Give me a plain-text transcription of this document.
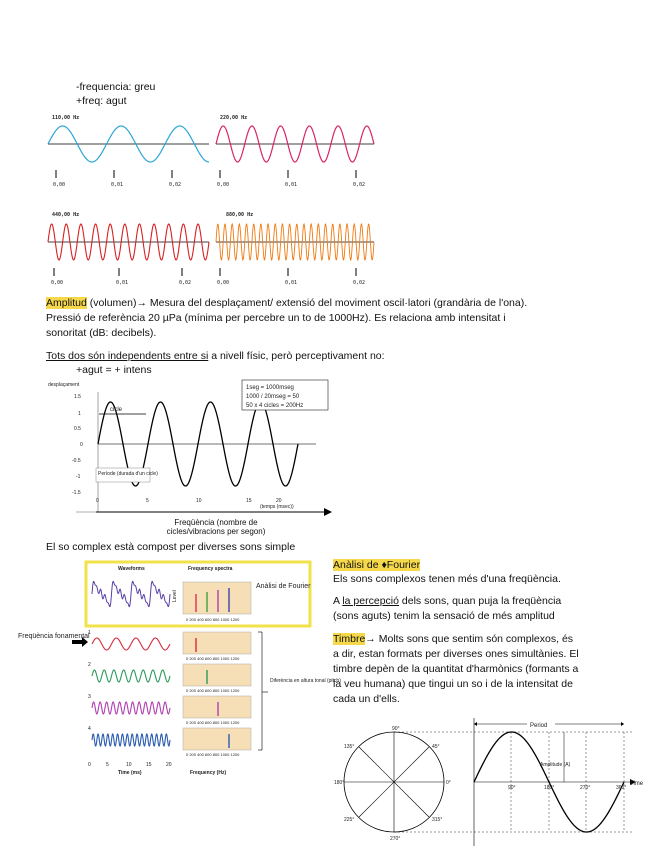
-frequencia: greu
+freq: agut
110,00 Hz
0,00	0,01	0,02
220,00 Hz
0,00	0,01	0,02
440,00 Hz
0,00	0,01	0,02
880,00 Hz
0,00	0,01	0,02
Amplitud (volumen)→ Mesura del desplaçament/ extensió del moviment oscil·latori (grandària de l'ona).
Pressió de referència 20 µPa (mínima per percebre un to de 1000Hz). Es relaciona amb intensitat i
sonoritat (dB: decibels).
Tots dos són independents entre si a nivell físic, però perceptivament no:
+agut = + intens
desplaçament
1.5
1
0.5
0
-0.5
-1
-1.5
cicle
Període (durada d'un cicle)
1seg = 1000mseg
1000 / 20mseg = 50
50 x 4 cicles = 200Hz
0	5	10	15	20
(temps (msec))
Freqüència (nombre de
cicles/vibracions per segon)
El so complex està compost per diverses sons simple
Waveforms	Frequency spectra
Level
0 200 400 600 800 1000 1200
Anàlisi de Fourier
Freqüència fonamental
1
0 200 400 600 800 1000 1200
2
0 200 400 600 800 1000 1200
3
0 200 400 600 800 1000 1200
4
0 200 400 600 800 1000 1200
Diferència en altura tonal (pitch)
0	5	10	15	20
Time (ms)	Frequency (Hz)
Anàlisi de ♦Fourier
Els sons complexos tenen més d'una freqüència.
A la percepció dels sons, quan puja la freqüència
(sons aguts) tenim la sensació de més amplitud
Timbre→ Molts sons que sentim són complexos, és
a dir, estan formats per diverses ones simultànies. El
timbre depèn de la quantitat d'harmònics (formants a
la veu humana) que tingui un so i de la intensitat de
cada un d'ells.
90°
45°
0°
315°
270°
225°
180°
135°
Time
Period
Amplitude (A)
90°	180°	270°	360°
